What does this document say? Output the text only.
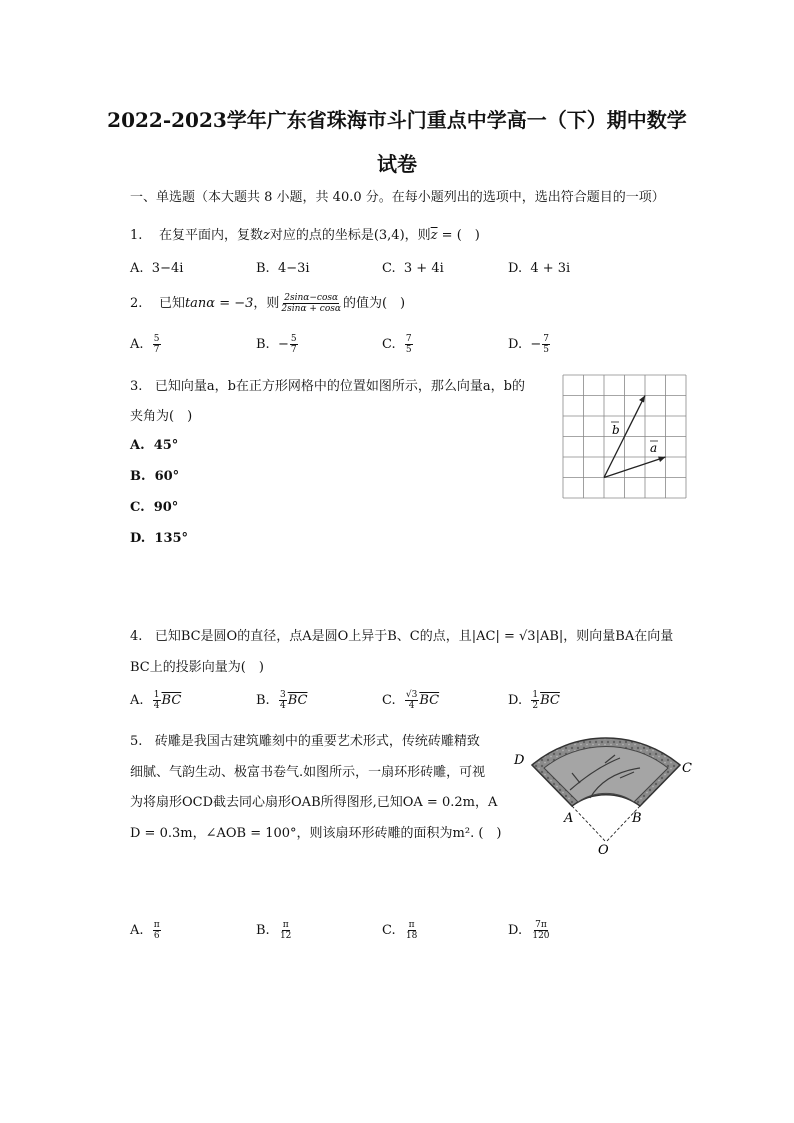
2022-2023学年广东省珠海市斗门重点中学高一（下）期中数学
试卷
一、单选题（本大题共 8 小题，共 40.0 分。在每小题列出的选项中，选出符合题目的一项）
1. 在复平面内，复数z对应的点的坐标是(3,4)，则$\overline{z}$ = (　)
A. 3−4i	B. 4−3i	C. 3 + 4i	D. 4 + 3i
2. 已知tanα = −3，则 $\frac{2\sin\alpha-\cos\alpha}{2\sin\alpha + \cos\alpha}$ 的值为(　)
A. $\frac{5}{7}$	B. − $\frac{5}{7}$	C. $\frac{7}{5}$	D. − $\frac{7}{5}$
3. 已知向量a，b在正方形网格中的位置如图所示，那么向量a，b的
夹角为(　)
A. 45°
B. 60°
C. 90°
D. 135°
a
b
4. 已知BC是圆O的直径，点A是圆O上异于B、C的点，且|AC| = √3|AB|，则向量BA在向量
BC上的投影向量为(　)
A. $\frac{1}{4} \overline{BC}$	B. $\frac{3}{4} \overline{BC}$	C. $\frac{√3}{4} \overline{BC}$	D. $\frac{1}{2} \overline{BC}$
5. 砖雕是我国古建筑雕刻中的重要艺术形式，传统砖雕精致
细腻、气韵生动、极富书卷气.如图所示，一扇环形砖雕，可视
为将扇形OCD截去同心扇形OAB所得图形,已知OA = 0.2m，A
D = 0.3m，∠AOB = 100°，则该扇环形砖雕的面积为m². (　)
D
C
A	B
O
A. $\frac{\pi}{6}$	B. $\frac{\pi}{12}$	C. $\frac{\pi}{18}$	D. $\frac{7\pi}{120}$
